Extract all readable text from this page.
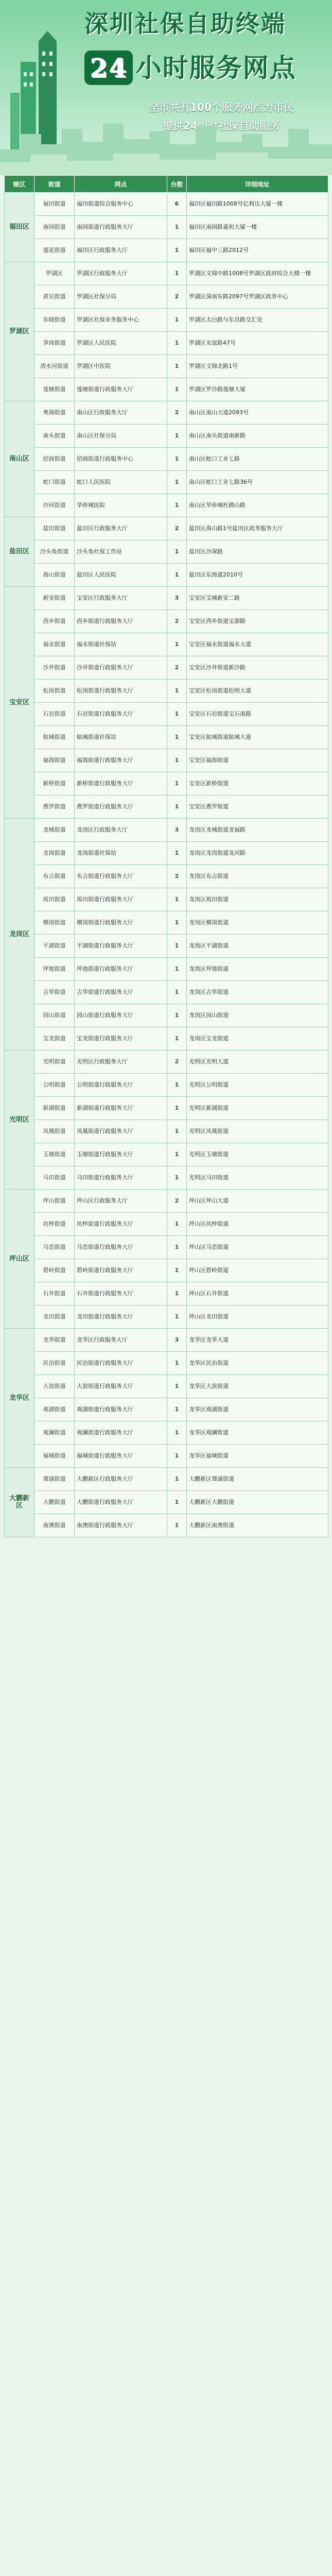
深圳社保自助终端
24 小时服务网点
全市共有100个服务网点为市民
提供24小时社保自助服务
辖区	街道	网点	台数	详细地址
福田区	福田街道	福田街道综合服务中心	6	福田区福田路1008号亿利达大厦一楼
	南园街道	南园街道行政服务大厅	1	福田区南园路嘉和大厦一楼
	莲花街道	福田区行政服务大厅	1	福田区福中三路2012号
罗湖区	罗湖区	罗湖区行政服务大厅	1	罗湖区文锦中路1008号罗湖区政府综合大楼一楼
	黄贝街道	罗湖区社保分局	2	罗湖区深南东路2097号罗湖区政务中心
	东晓街道	罗湖区社保业务服务中心	1	罗湖区太白路与东昌路交汇处
	笋岗街道	罗湖区人民医院	1	罗湖区友谊路47号
	清水河街道	罗湖区中医院	1	罗湖区文锦北路1号
	莲塘街道	莲塘街道行政服务大厅	1	罗湖区罗沙路莲塘大厦
南山区	粤海街道	南山区行政服务大厅	2	南山区南山大道2093号
	南头街道	南山区社保分局	1	南山区南头街道南新路
	招商街道	招商街道行政服务中心	1	南山区蛇口工业七路
	蛇口街道	蛇口人民医院	1	南山区蛇口工业七路36号
	沙河街道	华侨城医院	1	南山区华侨城杜鹃山路
盐田区	盐田街道	盐田区行政服务大厅	2	盐田区海山路1号盐田区政务服务大厅
	沙头角街道	沙头角社保工作站	1	盐田区沙深路
	海山街道	盐田区人民医院	1	盐田区东海道2010号
宝安区	新安街道	宝安区行政服务大厅	3	宝安区宝城新安二路
	西乡街道	西乡街道行政服务大厅	2	宝安区西乡街道宝源路
	福永街道	福永街道社保站	1	宝安区福永街道福永大道
	沙井街道	沙井街道行政服务大厅	2	宝安区沙井街道新沙路
	松岗街道	松岗街道行政服务大厅	1	宝安区松岗街道松明大道
	石岩街道	石岩街道行政服务大厅	1	宝安区石岩街道宝石南路
	航城街道	航城街道社保站	1	宝安区航城街道航城大道
	福海街道	福海街道行政服务大厅	1	宝安区福海街道
	新桥街道	新桥街道行政服务大厅	1	宝安区新桥街道
	燕罗街道	燕罗街道行政服务大厅	1	宝安区燕罗街道
龙岗区	龙城街道	龙岗区行政服务大厅	3	龙岗区龙城街道龙福路
	龙岗街道	龙岗街道社保站	1	龙岗区龙岗街道龙河路
	布吉街道	布吉街道行政服务大厅	2	龙岗区布吉街道
	坂田街道	坂田街道行政服务大厅	1	龙岗区坂田街道
	横岗街道	横岗街道行政服务大厅	1	龙岗区横岗街道
	平湖街道	平湖街道行政服务大厅	1	龙岗区平湖街道
	坪地街道	坪地街道行政服务大厅	1	龙岗区坪地街道
	吉华街道	吉华街道行政服务大厅	1	龙岗区吉华街道
	园山街道	园山街道行政服务大厅	1	龙岗区园山街道
	宝龙街道	宝龙街道行政服务大厅	1	龙岗区宝龙街道
光明区	光明街道	光明区行政服务大厅	2	光明区光明大道
	公明街道	公明街道行政服务大厅	1	光明区公明街道
	新湖街道	新湖街道行政服务大厅	1	光明区新湖街道
	凤凰街道	凤凰街道行政服务大厅	1	光明区凤凰街道
	玉塘街道	玉塘街道行政服务大厅	1	光明区玉塘街道
	马田街道	马田街道行政服务大厅	1	光明区马田街道
坪山区	坪山街道	坪山区行政服务大厅	2	坪山区坪山大道
	坑梓街道	坑梓街道行政服务大厅	1	坪山区坑梓街道
	马峦街道	马峦街道行政服务大厅	1	坪山区马峦街道
	碧岭街道	碧岭街道行政服务大厅	1	坪山区碧岭街道
	石井街道	石井街道行政服务大厅	1	坪山区石井街道
	龙田街道	龙田街道行政服务大厅	1	坪山区龙田街道
龙华区	龙华街道	龙华区行政服务大厅	3	龙华区龙华大道
	民治街道	民治街道行政服务大厅	1	龙华区民治街道
	大浪街道	大浪街道行政服务大厅	1	龙华区大浪街道
	观湖街道	观湖街道行政服务大厅	1	龙华区观湖街道
	观澜街道	观澜街道行政服务大厅	1	龙华区观澜街道
	福城街道	福城街道行政服务大厅	1	龙华区福城街道
大鹏新区	葵涌街道	大鹏新区行政服务大厅	1	大鹏新区葵涌街道
	大鹏街道	大鹏街道行政服务大厅	1	大鹏新区大鹏街道
	南澳街道	南澳街道行政服务大厅	1	大鹏新区南澳街道
